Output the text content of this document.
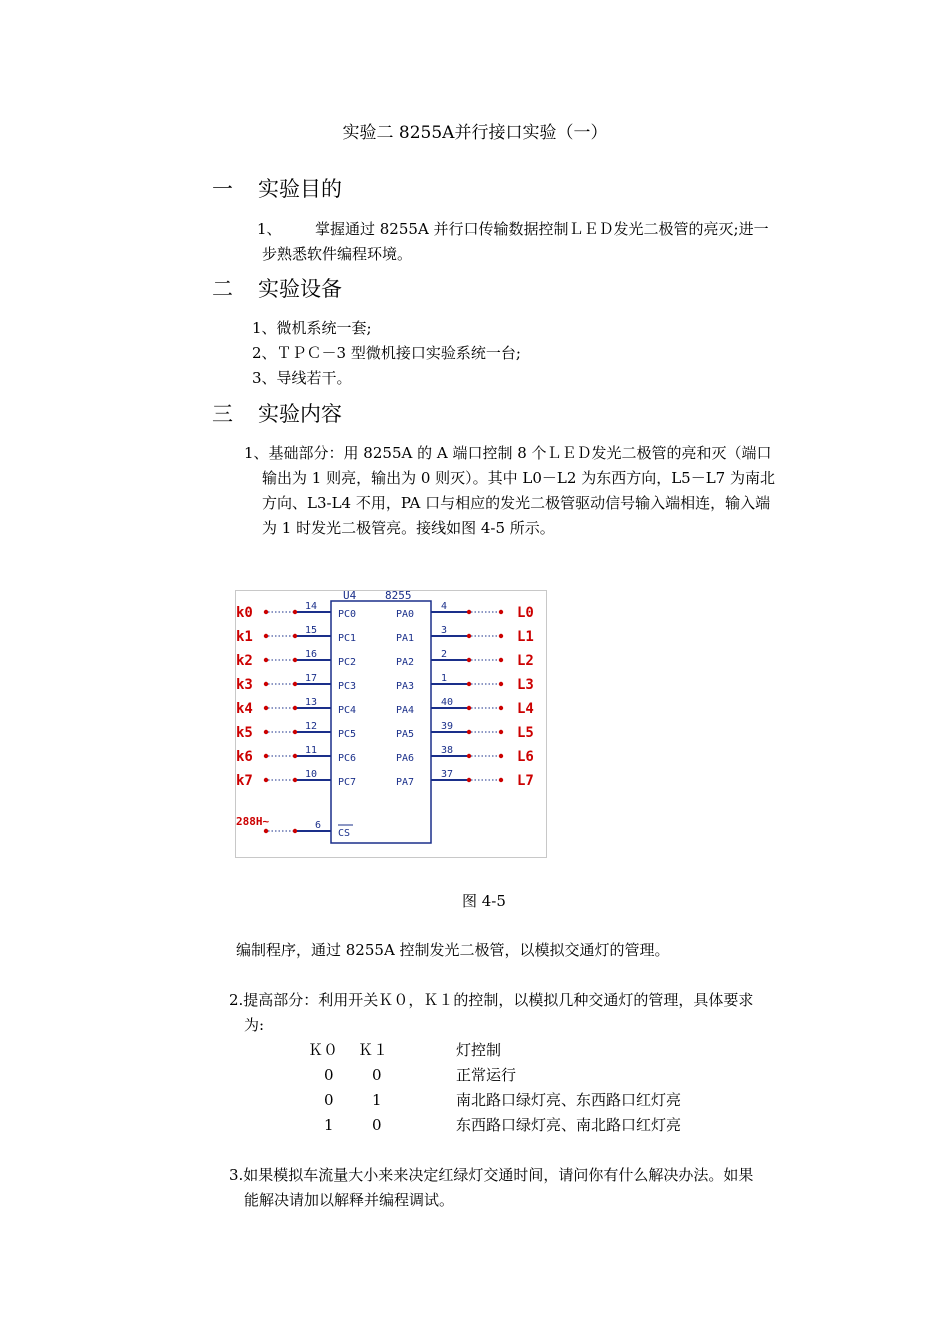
实验二 8255A并行接口实验（一）
一 实验目的
1、 掌握通过 8255A 并行口传输数据控制ＬＥＤ发光二极管的亮灭;进一
步熟悉软件编程环境。
二 实验设备
1、微机系统一套;
2、ＴＰＣ－3 型微机接口实验系统一台;
3、导线若干。
三 实验内容
1、基础部分：用 8255A 的 A 端口控制 8 个ＬＥＤ发光二极管的亮和灭（端口
输出为 1 则亮，输出为 0 则灭）。其中 L0－L2 为东西方向，L5－L7 为南北
方向、L3-L4 不用，PA 口与相应的发光二极管驱动信号输入端相连，输入端
为 1 时发光二极管亮。接线如图 4-5 所示。
U4	8255
k0	14
PC0
k1	15
PC1
k2	16
PC2
k3	17
PC3
k4	13
PC4
k5	12
PC5
k6	11
PC6
k7	10
PC7
PA0
4	L0
PA1
3	L1
PA2
2	L2
PA3
1	L3
PA4
40	L4
PA5
39	L5
PA6
38	L6
PA7
37	L7
288H~	6
CS
图 4-5
编制程序，通过 8255A 控制发光二极管，以模拟交通灯的管理。
2.提高部分：利用开关Ｋ０，Ｋ１的控制，以模拟几种交通灯的管理，具体要求
为:
Ｋ０	Ｋ１	灯控制
0	0	正常运行
0	1	南北路口绿灯亮、东西路口红灯亮
1	0	东西路口绿灯亮、南北路口红灯亮
3.如果模拟车流量大小来来决定红绿灯交通时间，请问你有什么解决办法。如果
能解决请加以解释并编程调试。
